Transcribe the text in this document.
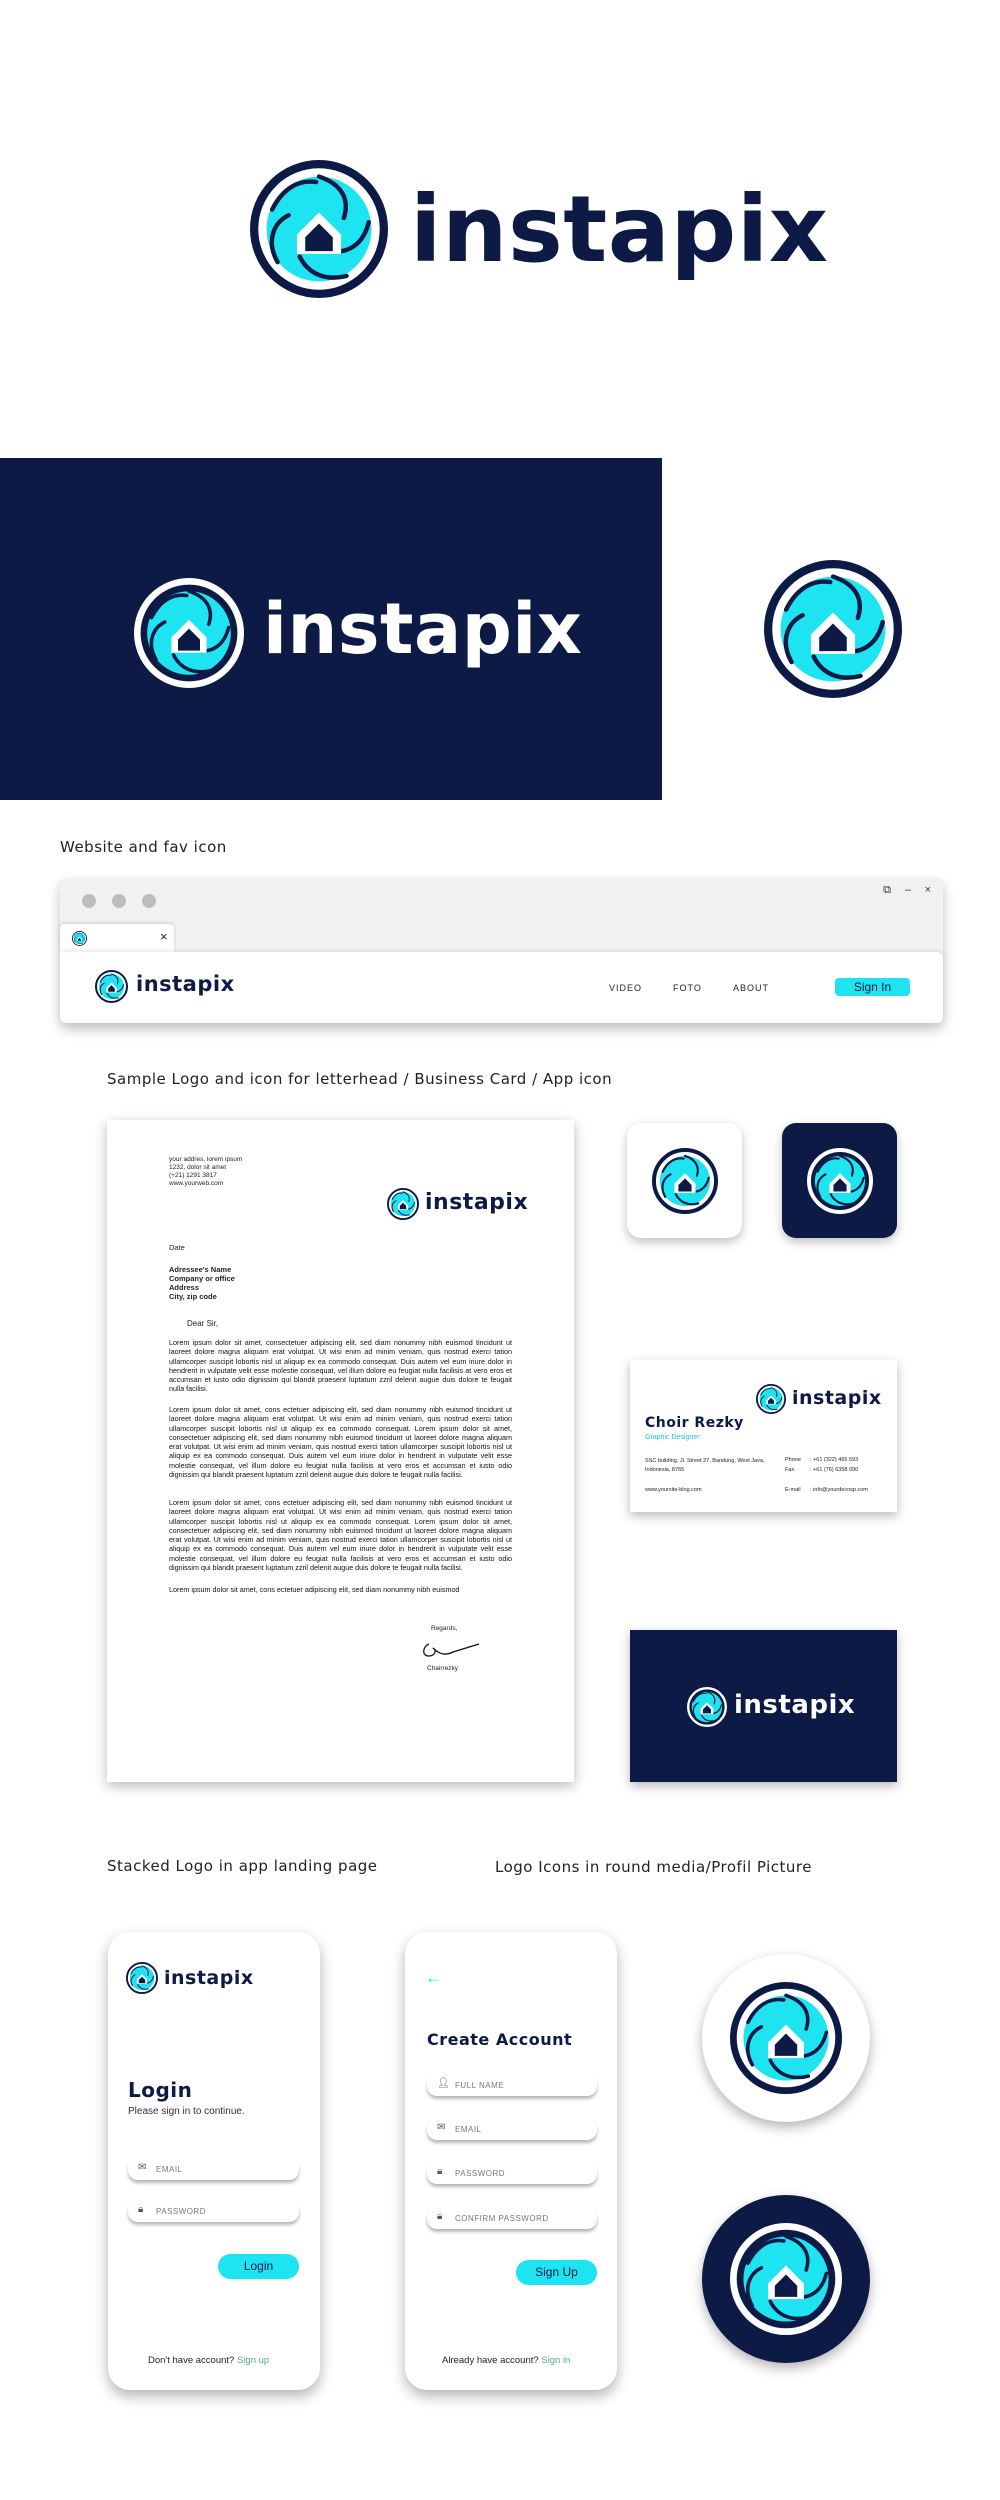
instapix
instapix
Website and fav icon
⧉ – ×
×
instapix	VIDEO	FOTO	ABOUT	Sign In
Sample Logo and icon for letterhead / Business Card / App icon
your addres, lorem ipsum
1232, dolor sit amet
(+21) 1291 3817
www.yourweb.com
instapix
Date
Adressee's Name
Company or office
Address
City, zip code
Dear Sir,
Lorem ipsum dolor sit amet, consectetuer adipiscing elit, sed diam nonummy nibh euismod tincidunt ut laoreet dolore magna aliquam erat volutpat. Ut wisi enim ad minim veniam, quis nostrud exerci tation ullamcorper suscipit lobortis nisl ut aliquip ex ea commodo consequat. Duis autem vel eum iriure dolor in hendrerit in vulputate velit esse molestie consequat, vel illum dolore eu feugiat nulla facilisis at vero eros et accumsan et iusto odio dignissim qui blandit praesent luptatum zzril delenit augue duis dolore te feugait nulla facilisi.
Lorem ipsum dolor sit amet, cons ectetuer adipiscing elit, sed diam nonummy nibh euismod tincidunt ut laoreet dolore magna aliquam erat volutpat. Ut wisi enim ad minim veniam, quis nostrud exerci tation ullamcorper suscipit lobortis nisl ut aliquip ex ea commodo consequat. Lorem ipsum dolor sit amet, consectetuer adipiscing elit, sed diam nonummy nibh euismod tincidunt ut laoreet dolore magna aliquam erat volutpat. Ut wisi enim ad minim veniam, quis nostrud exerci tation ullamcorper suscipit lobortis nisl ut aliquip ex ea commodo consequat. Duis autem vel eum iriure dolor in hendrerit in vulputate velit esse molestie consequat, vel illum dolore eu feugiat nulla facilisis at vero eros et accumsan et iusto odio dignissim qui blandit praesent luptatum zzril delenit augue duis dolore te feugait nulla facilisi.
Lorem ipsum dolor sit amet, cons ectetuer adipiscing elit, sed diam nonummy nibh euismod tincidunt ut laoreet dolore magna aliquam erat volutpat. Ut wisi enim ad minim veniam, quis nostrud exerci tation ullamcorper suscipit lobortis nisl ut aliquip ex ea commodo consequat. Lorem ipsum dolor sit amet, consectetuer adipiscing elit, sed diam nonummy nibh euismod tincidunt ut laoreet dolore magna aliquam erat volutpat. Ut wisi enim ad minim veniam, quis nostrud exerci tation ullamcorper suscipit lobortis nisl ut aliquip ex ea commodo consequat. Duis autem vel eum iriure dolor in hendrerit in vulputate velit esse molestie consequat, vel illum dolore eu feugiat nulla facilisis at vero eros et accumsan et iusto odio dignissim qui blandit praesent luptatum zzril delenit augue duis dolore te feugait nulla facilisi.
Lorem ipsum dolor sit amet, cons ectetuer adipiscing elit, sed diam nonummy nibh euismod
Regards,
Chairrezky
instapix
Choir Rezky
Graphic Designer
SSC building, Jl. Street 27, Bandung, West Java, Indonesia, 8765
www.yoursite-blog.com
Phone : +61 (322) 465 593
Fax	: +61 (76) 6358 090
E-mail : info@yourdecosp.com
instapix
Stacked Logo in app landing page	Logo Icons in round media/Profil Picture
instapix
Login
Please sign in to continue.
✉ EMAIL
🔒︎ PASSWORD
Login
Don't have account? Sign up
←
Create Account
👤︎ FULL NAME
✉ EMAIL
🔒︎ PASSWORD
🔒︎ CONFIRM PASSWORD
Sign Up
Already have account? Sign in
